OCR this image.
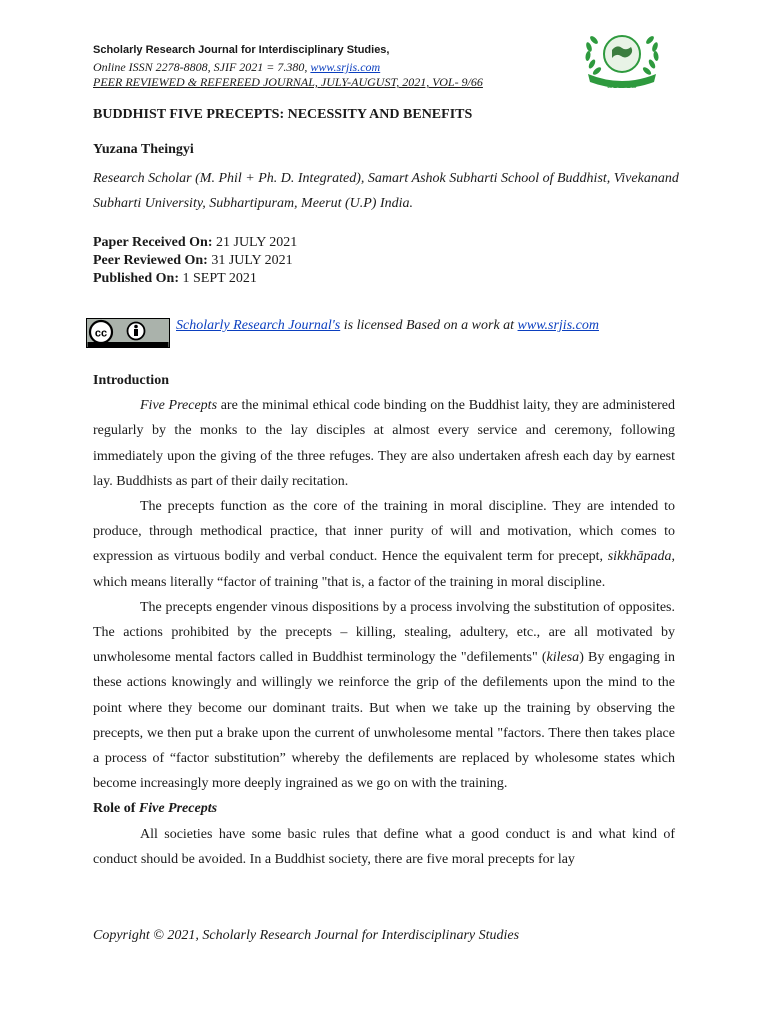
Scholarly Research Journal for Interdisciplinary Studies,
Online ISSN 2278-8808, SJIF 2021 = 7.380, www.srjis.com
PEER REVIEWED & REFEREED JOURNAL, JULY-AUGUST, 2021, VOL- 9/66	SRJIS
BUDDHIST FIVE PRECEPTS: NECESSITY AND BENEFITS
Yuzana Theingyi
Research Scholar (M. Phil + Ph. D. Integrated), Samart Ashok Subharti School of Buddhist, Vivekanand Subharti University, Subhartipuram, Meerut (U.P) India.
Paper Received On: 21 JULY 2021
Peer Reviewed On: 31 JULY 2021
Published On: 1 SEPT 2021
cc
Scholarly Research Journal's is licensed Based on a work at www.srjis.com

Introduction

Five Precepts are the minimal ethical code binding on the Buddhist laity, they are administered regularly by the monks to the lay disciples at almost every service and ceremony, following immediately upon the giving of the three refuges. They are also undertaken afresh each day by earnest lay. Buddhists as part of their daily recitation.

The precepts function as the core of the training in moral discipline. They are intended to produce, through methodical practice, that inner purity of will and motivation, which comes to expression as virtuous bodily and verbal conduct. Hence the equivalent term for precept, sikkhāpada, which means literally “factor of training "that is, a factor of the training in moral discipline.

The precepts engender vinous dispositions by a process involving the substitution of opposites. The actions prohibited by the precepts – killing, stealing, adultery, etc., are all motivated by unwholesome mental factors called in Buddhist terminology the "defilements" (kilesa) By engaging in these actions knowingly and willingly we reinforce the grip of the defilements upon the mind to the point where they become our dominant traits. But when we take up the training by observing the precepts, we then put a brake upon the current of unwholesome mental "factors. There then takes place a process of “factor substitution” whereby the defilements are replaced by wholesome states which become increasingly more deeply ingrained as we go on with the training.

Role of Five Precepts

All societies have some basic rules that define what a good conduct is and what kind of conduct should be avoided. In a Buddhist society, there are five moral precepts for lay

Copyright © 2021, Scholarly Research Journal for Interdisciplinary Studies
